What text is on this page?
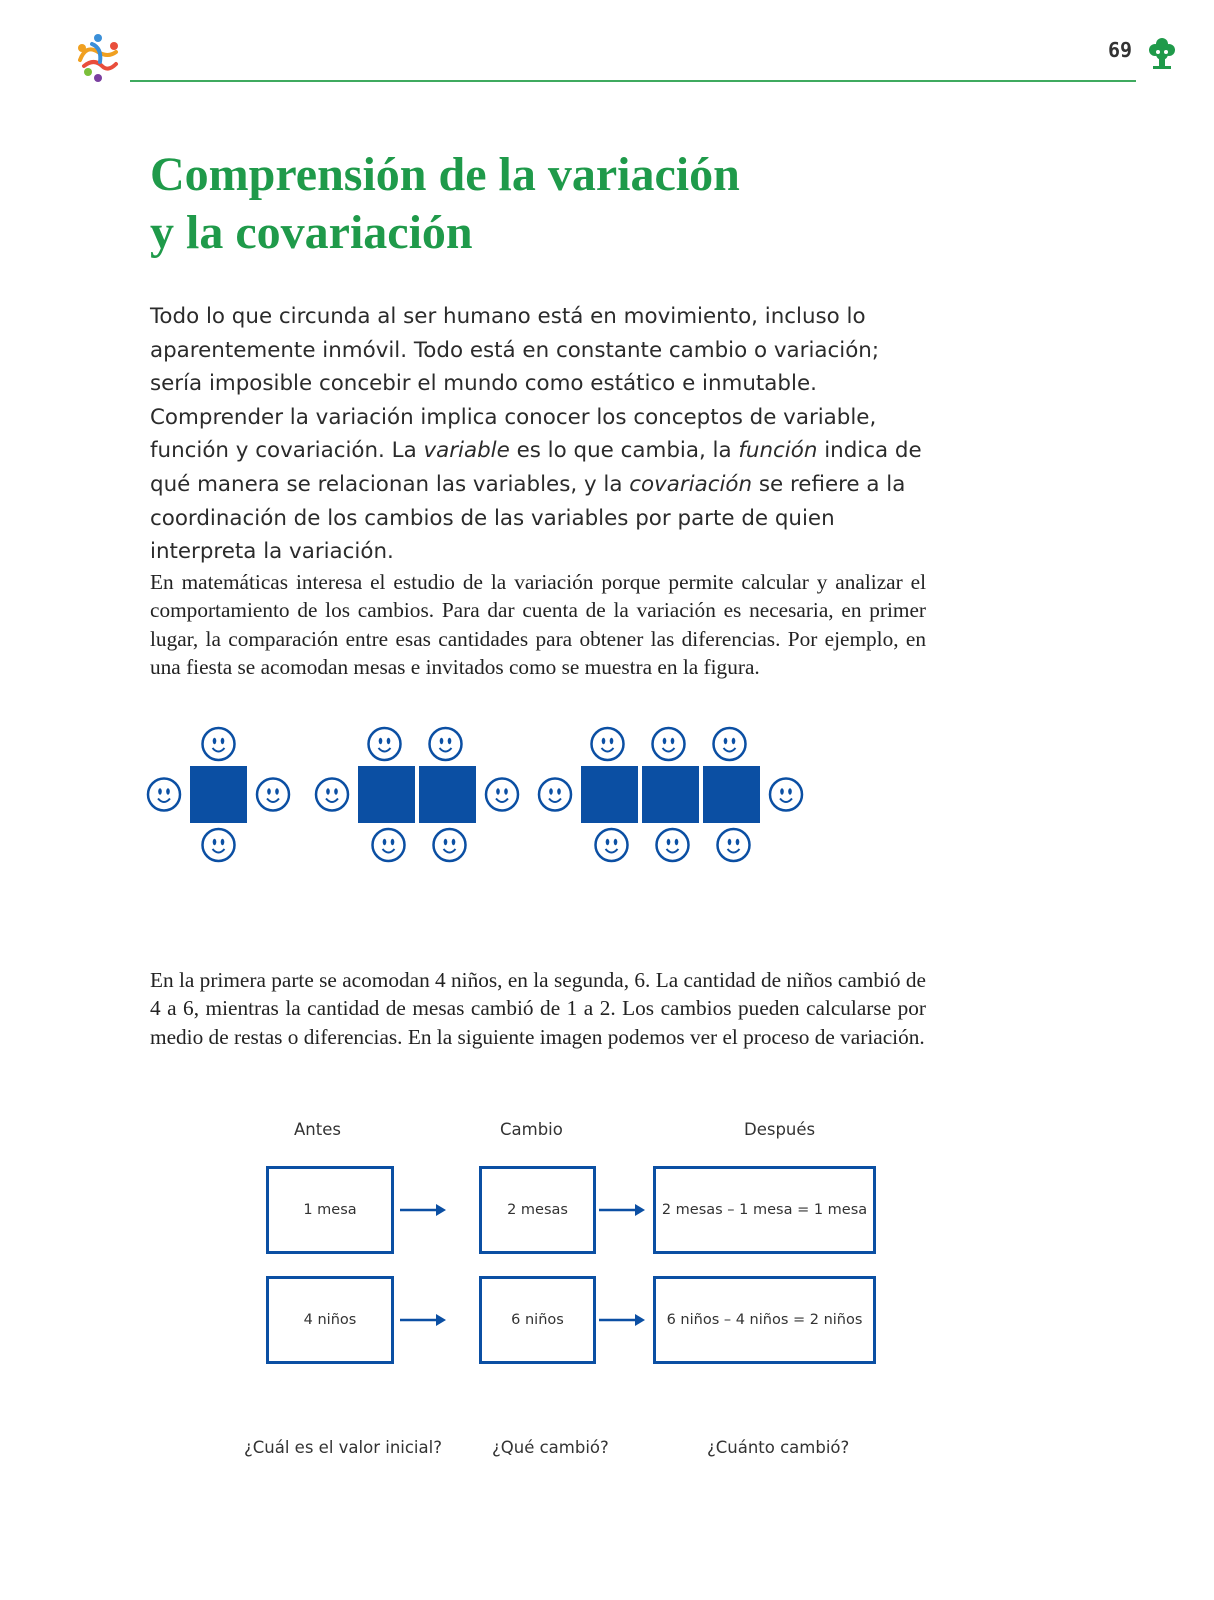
69
Comprensión de la variación
y la covariación

Todo lo que circunda al ser humano está en movimiento, incluso lo aparentemente inmóvil. Todo está en constante cambio o variación; sería imposible concebir el mundo como estático e inmutable. Comprender la variación implica conocer los conceptos de variable, función y covariación. La variable es lo que cambia, la función indica de qué manera se relacionan las variables, y la covariación se refiere a la coordinación de los cambios de las variables por parte de quien interpreta la variación.

En matemáticas interesa el estudio de la variación porque permite calcular y analizar el comportamiento de los cambios. Para dar cuenta de la variación es necesaria, en primer lugar, la comparación entre esas cantidades para obtener las diferencias. Por ejemplo, en una fiesta se acomodan mesas e invitados como se muestra en la figura.

En la primera parte se acomodan 4 niños, en la segunda, 6. La cantidad de niños cambió de 4 a 6, mientras la cantidad de mesas cambió de 1 a 2. Los cambios pueden calcularse por medio de restas o diferencias. En la siguiente imagen podemos ver el proceso de variación.

Antes	Cambio	Después
1 mesa	2 mesas	2 mesas – 1 mesa = 1 mesa
4 niños	6 niños	6 niños – 4 niños = 2 niños
¿Cuál es el valor inicial?	¿Qué cambió?	¿Cuánto cambió?
